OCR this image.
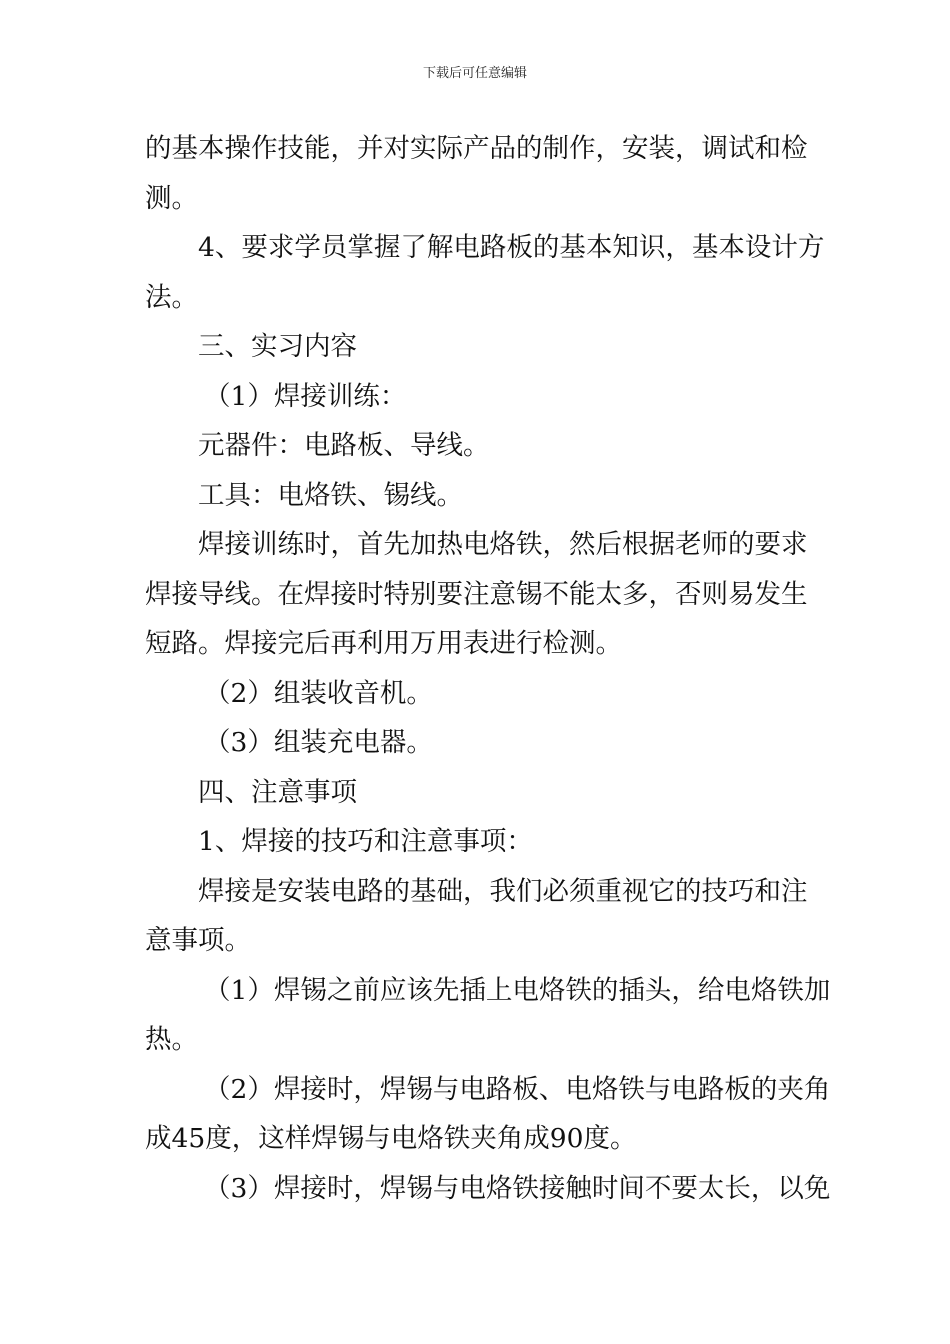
下载后可任意编辑

的基本操作技能，并对实际产品的制作，安装，调试和检

测。

4、要求学员掌握了解电路板的基本知识，基本设计方

法。

三、实习内容

（1）焊接训练：

元器件：电路板、导线。

工具：电烙铁、锡线。

焊接训练时，首先加热电烙铁，然后根据老师的要求

焊接导线。在焊接时特别要注意锡不能太多，否则易发生

短路。焊接完后再利用万用表进行检测。

（2）组装收音机。

（3）组装充电器。

四、注意事项

1、焊接的技巧和注意事项：

焊接是安装电路的基础，我们必须重视它的技巧和注

意事项。

（1）焊锡之前应该先插上电烙铁的插头，给电烙铁加

热。

（2）焊接时，焊锡与电路板、电烙铁与电路板的夹角

成45度，这样焊锡与电烙铁夹角成90度。

（3）焊接时，焊锡与电烙铁接触时间不要太长，以免
